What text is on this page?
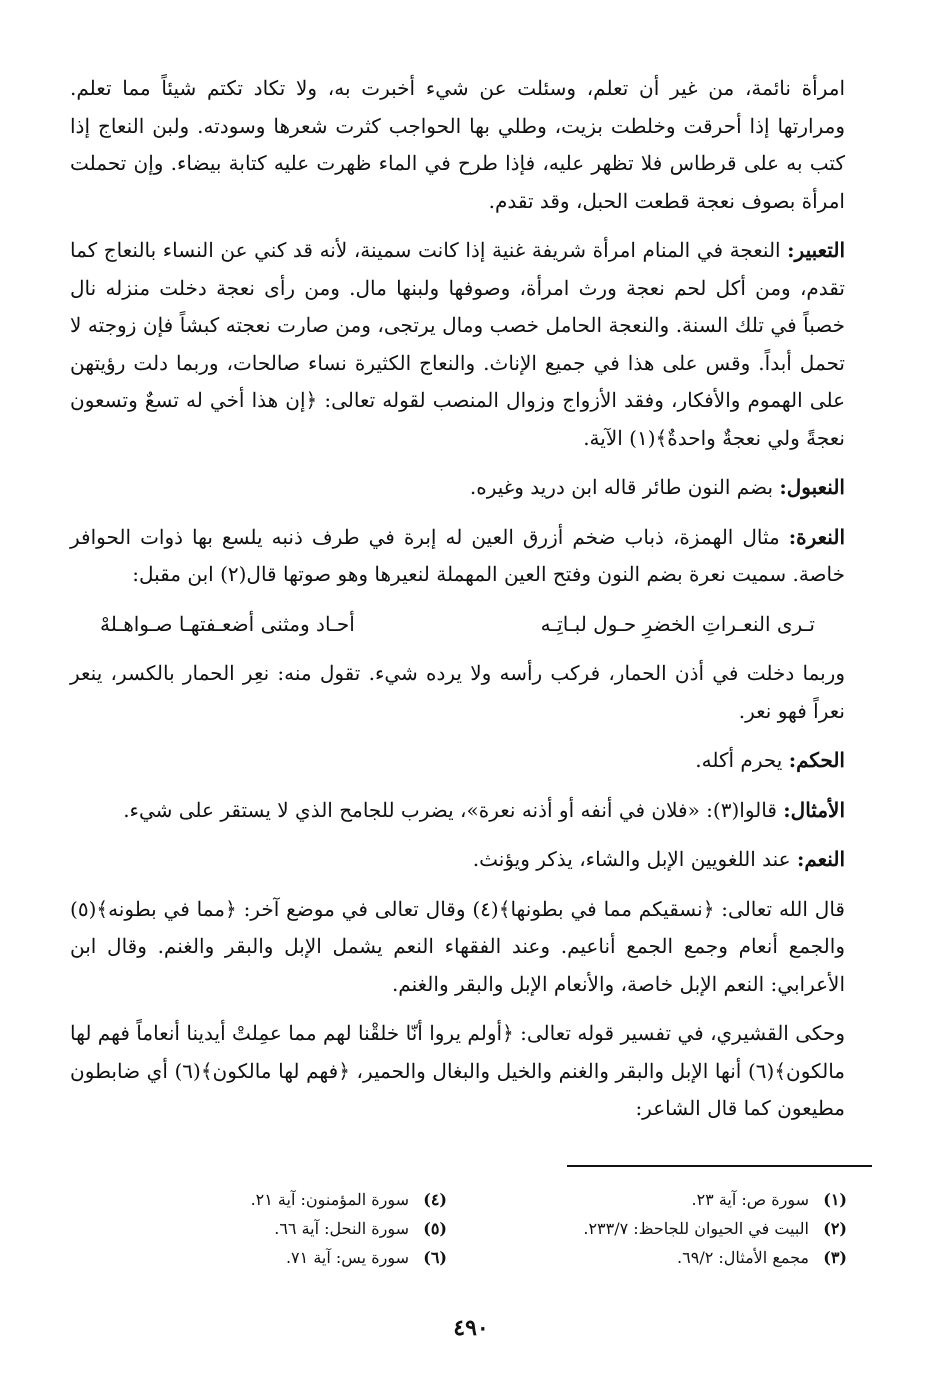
امرأة نائمة، من غير أن تعلم، وسئلت عن شيء أخبرت به، ولا تكاد تكتم شيئاً مما تعلم. ومرارتها إذا أحرقت وخلطت بزيت، وطلي بها الحواجب كثرت شعرها وسودته. ولبن النعاج إذا كتب به على قرطاس فلا تظهر عليه، فإذا طرح في الماء ظهرت عليه كتابة بيضاء. وإن تحملت امرأة بصوف نعجة قطعت الحبل، وقد تقدم.

التعبير: النعجة في المنام امرأة شريفة غنية إذا كانت سمينة، لأنه قد كني عن النساء بالنعاج كما تقدم، ومن أكل لحم نعجة ورث امرأة، وصوفها ولبنها مال. ومن رأى نعجة دخلت منزله نال خصباً في تلك السنة. والنعجة الحامل خصب ومال يرتجى، ومن صارت نعجته كبشاً فإن زوجته لا تحمل أبداً. وقس على هذا في جميع الإناث. والنعاج الكثيرة نساء صالحات، وربما دلت رؤيتهن على الهموم والأفكار، وفقد الأزواج وزوال المنصب لقوله تعالى: ﴿إن هذا أخي له تسعٌ وتسعون نعجةً ولي نعجةٌ واحدةٌ﴾(١) الآية.

النعبول: بضم النون طائر قاله ابن دريد وغيره.

النعرة: مثال الهمزة، ذباب ضخم أزرق العين له إبرة في طرف ذنبه يلسع بها ذوات الحوافر خاصة. سميت نعرة بضم النون وفتح العين المهملة لنعيرها وهو صوتها قال(٢) ابن مقبل:

تـرى النعـراتِ الخضرِ حـول لبـاتِـه
أحـاد ومثنى أضعـفتهـا صـواهـلهْ

وربما دخلت في أذن الحمار، فركب رأسه ولا يرده شيء. تقول منه: نعِر الحمار بالكسر، ينعر نعراً فهو نعر.

الحكم: يحرم أكله.

الأمثال: قالوا(٣): «فلان في أنفه أو أذنه نعرة»، يضرب للجامح الذي لا يستقر على شيء.

النعم: عند اللغويين الإبل والشاء، يذكر ويؤنث.

قال الله تعالى: ﴿نسقيكم مما في بطونها﴾(٤) وقال تعالى في موضع آخر: ﴿مما في بطونه﴾(٥) والجمع أنعام وجمع الجمع أناعيم. وعند الفقهاء النعم يشمل الإبل والبقر والغنم. وقال ابن الأعرابي: النعم الإبل خاصة، والأنعام الإبل والبقر والغنم.

وحكى القشيري، في تفسير قوله تعالى: ﴿أولم يروا أنّا خلقْنا لهم مما عمِلتْ أيدينا أنعاماً فهم لها مالكون﴾(٦) أنها الإبل والبقر والغنم والخيل والبغال والحمير، ﴿فهم لها مالكون﴾(٦) أي ضابطون مطيعون كما قال الشاعر:

(١)سورة ص: آية ٢٣.
(٤)سورة المؤمنون: آية ٢١.
(٢)البيت في الحيوان للجاحظ: ٢٣٣/٧.
(٥)سورة النحل: آية ٦٦.
(٣)مجمع الأمثال: ٦٩/٢.
(٦)سورة يس: آية ٧١.
٤٩٠
